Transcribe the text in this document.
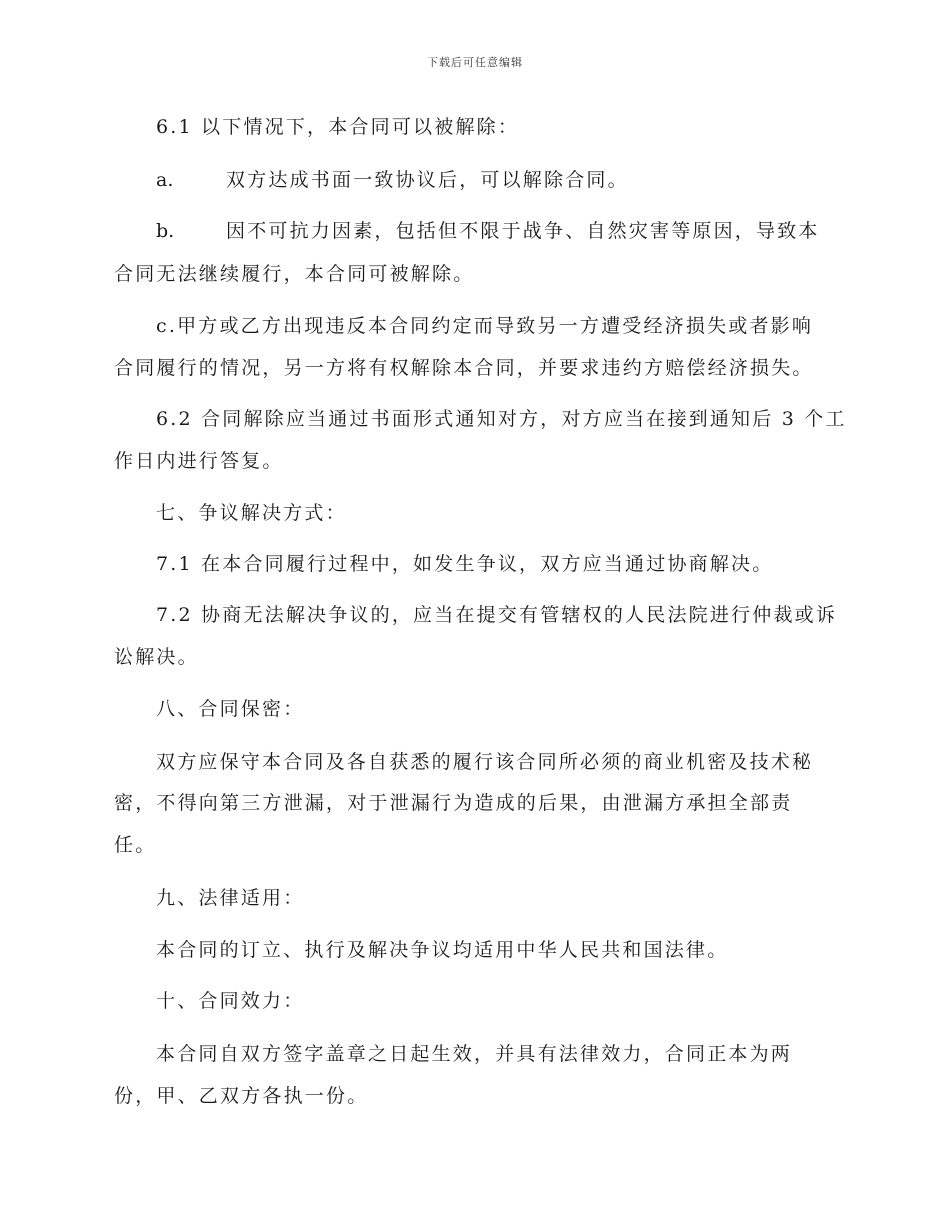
下载后可任意编辑
6.1 以下情况下，本合同可以被解除：
a.	双方达成书面一致协议后，可以解除合同。
b.	因不可抗力因素，包括但不限于战争、自然灾害等原因，导致本
合同无法继续履行，本合同可被解除。
c.甲方或乙方出现违反本合同约定而导致另一方遭受经济损失或者影响
合同履行的情况，另一方将有权解除本合同，并要求违约方赔偿经济损失。
6.2 合同解除应当通过书面形式通知对方，对方应当在接到通知后 3 个工
作日内进行答复。
七、争议解决方式：
7.1 在本合同履行过程中，如发生争议，双方应当通过协商解决。
7.2 协商无法解决争议的，应当在提交有管辖权的人民法院进行仲裁或诉
讼解决。
八、合同保密：
双方应保守本合同及各自获悉的履行该合同所必须的商业机密及技术秘
密，不得向第三方泄漏，对于泄漏行为造成的后果，由泄漏方承担全部责
任。
九、法律适用：
本合同的订立、执行及解决争议均适用中华人民共和国法律。
十、合同效力：
本合同自双方签字盖章之日起生效，并具有法律效力，合同正本为两
份，甲、乙双方各执一份。
